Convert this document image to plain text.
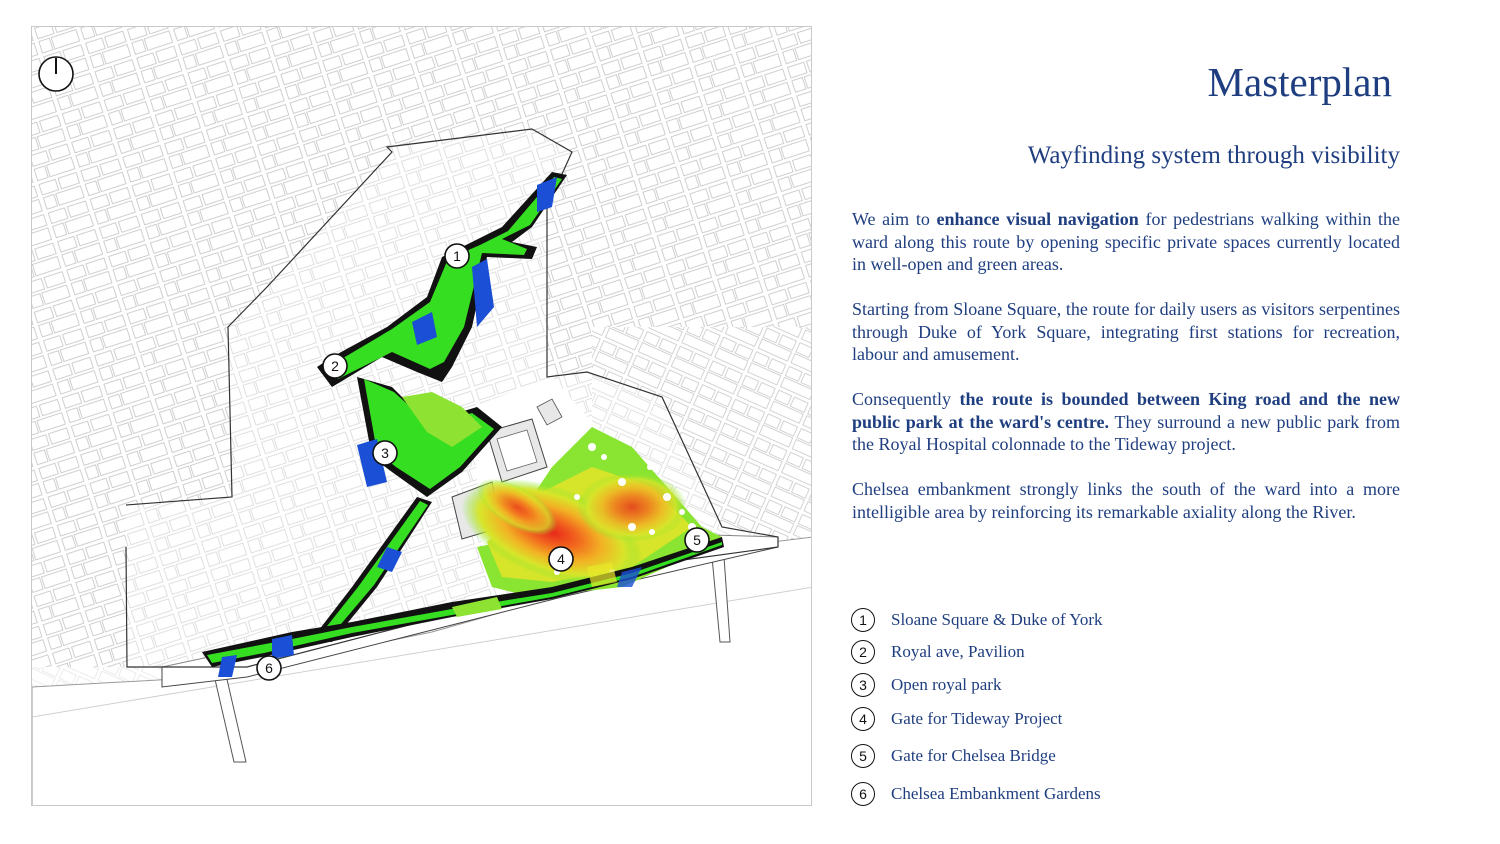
1
2
3
4
5
6
Masterplan
Wayfinding system through visibility

We aim to enhance visual navigation for pedestrians walking within the ward along this route by opening specific private spaces currently located in well-open and green areas.

Starting from Sloane Square, the route for daily users as visitors serpentines through Duke of York Square, integrating first stations for recreation, labour and amusement.

Consequently the route is bounded between King road and the new public park at the ward's centre. They surround a new public park from the Royal Hospital colonnade to the Tideway project.

Chelsea embankment strongly links the south of the ward into a more intelligible area by reinforcing its remarkable axiality along the River.

1	Sloane Square & Duke of York
2	Royal ave, Pavilion
3	Open royal park
4	Gate for Tideway Project
5	Gate for Chelsea Bridge
6	Chelsea Embankment Gardens
